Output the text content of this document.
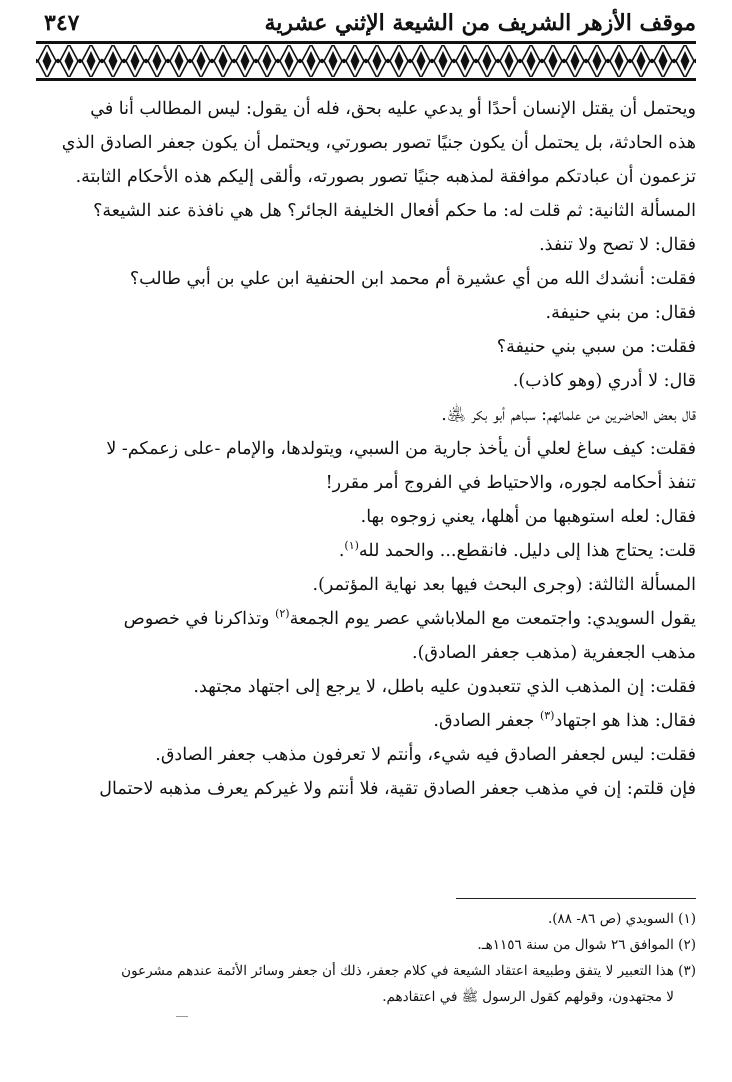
موقف الأزهر الشريف من الشيعة الإثني عشرية
٣٤٧

ويحتمل أن يقتل الإنسان أحدًا أو يدعي عليه بحق، فله أن يقول: ليس المطالب أنا في

هذه الحادثة، بل يحتمل أن يكون جنيًا تصور بصورتي، ويحتمل أن يكون جعفر الصادق الذي

تزعمون أن عبادتكم موافقة لمذهبه جنيًا تصور بصورته، وألقى إليكم هذه الأحكام الثابتة.

المسألة الثانية: ثم قلت له: ما حكم أفعال الخليفة الجائر؟ هل هي نافذة عند الشيعة؟

فقال: لا تصح ولا تنفذ.

فقلت: أنشدك الله من أي عشيرة أم محمد ابن الحنفية ابن علي بن أبي طالب؟

فقال: من بني حنيفة.

فقلت: من سبي بني حنيفة؟

قال: لا أدري (وهو كاذب).

قال بعض الحاضرين من علمائهم: سباهم أبو بكر ﵁.

فقلت: كيف ساغ لعلي أن يأخذ جارية من السبي، ويتولدها، والإمام -على زعمكم- لا

تنفذ أحكامه لجوره، والاحتياط في الفروج أمر مقرر!

فقال: لعله استوهبها من أهلها، يعني زوجوه بها.

قلت: يحتاج هذا إلى دليل. فانقطع... والحمد لله$^{(١)}$.

المسألة الثالثة: (وجرى البحث فيها بعد نهاية المؤتمر).

يقول السويدي: واجتمعت مع الملاباشي عصر يوم الجمعة$^{(٢)}$ وتذاكرنا في خصوص

مذهب الجعفرية (مذهب جعفر الصادق).

فقلت: إن المذهب الذي تتعبدون عليه باطل، لا يرجع إلى اجتهاد مجتهد.

فقال: هذا هو اجتهاد$^{(٣)}$ جعفر الصادق.

فقلت: ليس لجعفر الصادق فيه شيء، وأنتم لا تعرفون مذهب جعفر الصادق.

فإن قلتم: إن في مذهب جعفر الصادق تقية، فلا أنتم ولا غيركم يعرف مذهبه لاحتمال

(١) السويدي (ص ٨٦- ٨٨).

(٢) الموافق ٢٦ شوال من سنة ١١٥٦هـ.

(٣) هذا التعبير لا يتفق وطبيعة اعتقاد الشيعة في كلام جعفر، ذلك أن جعفر وسائر الأئمة عندهم مشرعون

لا مجتهدون، وقولهم كقول الرسول ﷺ في اعتقادهم.
